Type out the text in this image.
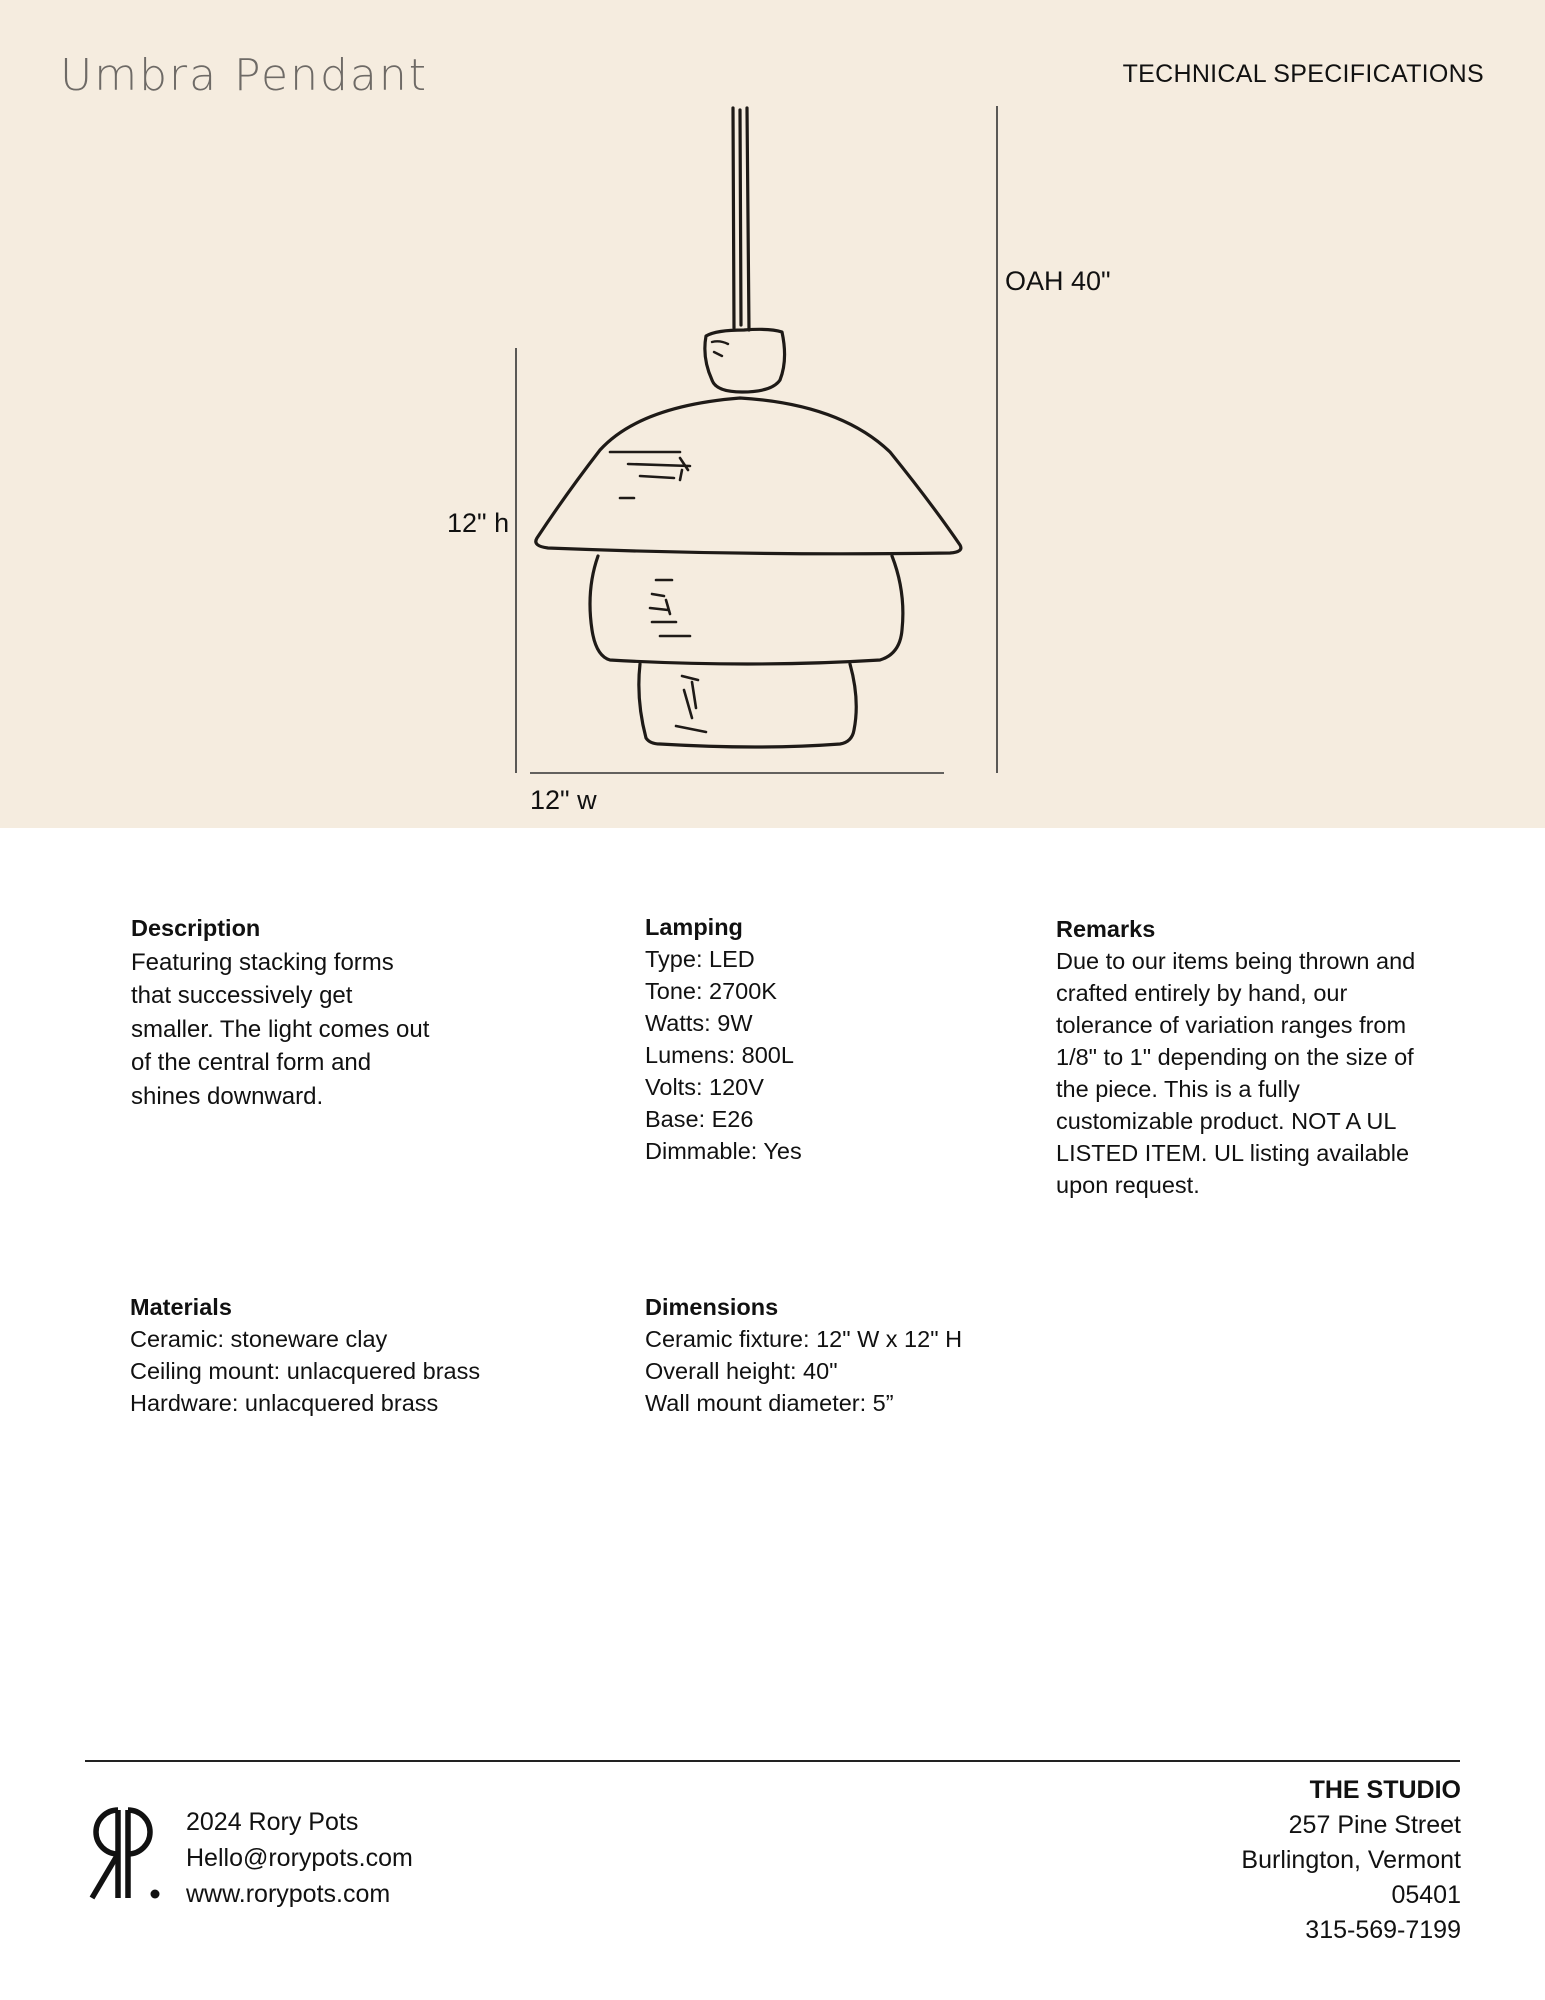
Umbra Pendant	TECHNICAL SPECIFICATIONS
OAH 40"
12" h
12" w
Description
Featuring stacking forms
that successively get
smaller. The light comes out
of the central form and
shines downward.
Lamping
Type: LED
Tone: 2700K
Watts: 9W
Lumens: 800L
Volts: 120V
Base: E26
Dimmable: Yes
Remarks
Due to our items being thrown and
crafted entirely by hand, our
tolerance of variation ranges from
1/8" to 1" depending on the size of
the piece. This is a fully
customizable product. NOT A UL
LISTED ITEM. UL listing available
upon request.
Materials
Ceramic: stoneware clay
Ceiling mount: unlacquered brass
Hardware: unlacquered brass
Dimensions
Ceramic fixture: 12" W x 12" H
Overall height: 40"
Wall mount diameter: 5”
2024 Rory Pots
Hello@rorypots.com
www.rorypots.com
THE STUDIO
257 Pine Street
Burlington, Vermont
05401
315-569-7199
